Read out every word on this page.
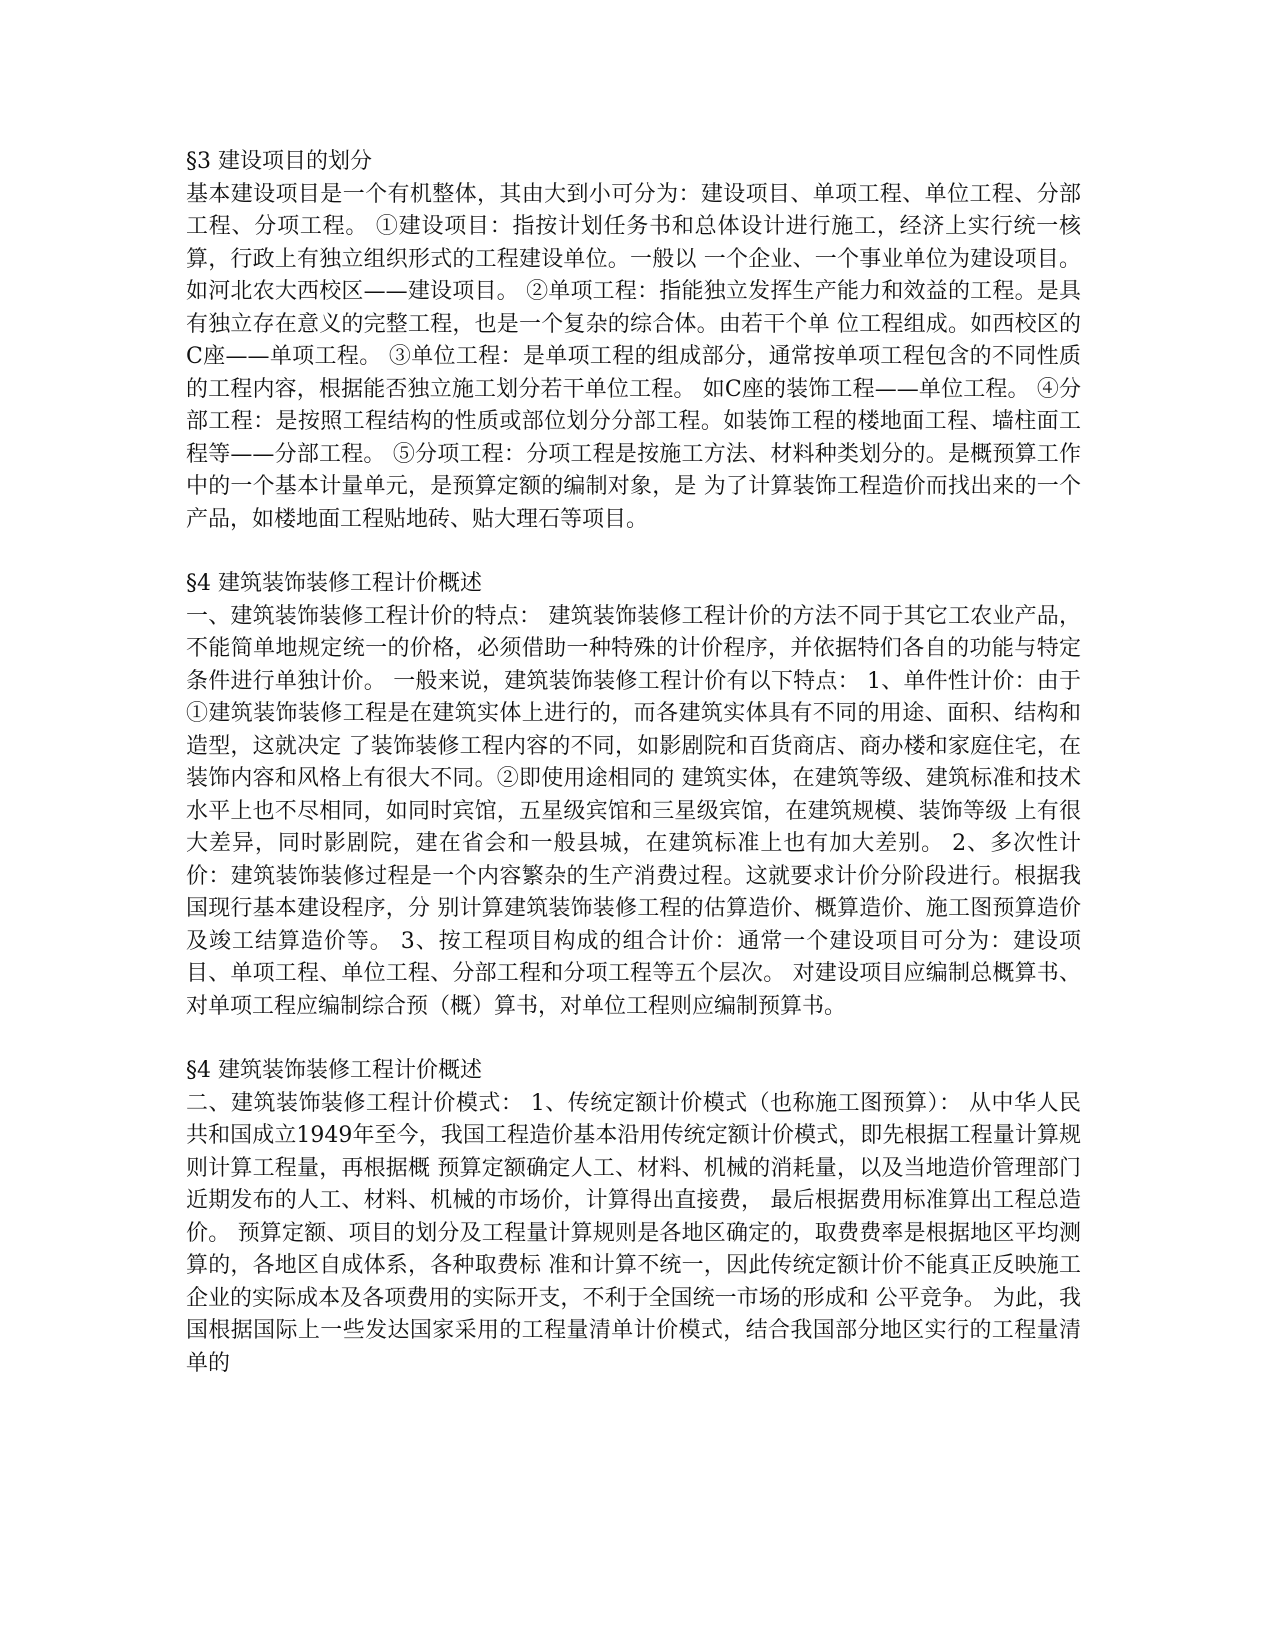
§3 建设项目的划分

基本建设项目是一个有机整体，其由大到小可分为：建设项目、单项工程、单位工程、分部工程、分项工程。 ①建设项目：指按计划任务书和总体设计进行施工，经济上实行统一核算，行政上有独立组织形式的工程建设单位。一般以 一个企业、一个事业单位为建设项目。如河北农大西校区——建设项目。 ②单项工程：指能独立发挥生产能力和效益的工程。是具有独立存在意义的完整工程，也是一个复杂的综合体。由若干个单 位工程组成。如西校区的C座——单项工程。 ③单位工程：是单项工程的组成部分，通常按单项工程包含的不同性质的工程内容，根据能否独立施工划分若干单位工程。 如C座的装饰工程——单位工程。 ④分部工程：是按照工程结构的性质或部位划分分部工程。如装饰工程的楼地面工程、墙柱面工程等——分部工程。 ⑤分项工程：分项工程是按施工方法、材料种类划分的。是概预算工作中的一个基本计量单元，是预算定额的编制对象，是 为了计算装饰工程造价而找出来的一个产品，如楼地面工程贴地砖、贴大理石等项目。

§4 建筑装饰装修工程计价概述

一、建筑装饰装修工程计价的特点： 建筑装饰装修工程计价的方法不同于其它工农业产品，不能简单地规定统一的价格，必须借助一种特殊的计价程序，并依据特们各自的功能与特定条件进行单独计价。 一般来说，建筑装饰装修工程计价有以下特点： 1、单件性计价：由于①建筑装饰装修工程是在建筑实体上进行的，而各建筑实体具有不同的用途、面积、结构和造型，这就决定 了装饰装修工程内容的不同，如影剧院和百货商店、商办楼和家庭住宅，在装饰内容和风格上有很大不同。②即使用途相同的 建筑实体，在建筑等级、建筑标准和技术水平上也不尽相同，如同时宾馆，五星级宾馆和三星级宾馆，在建筑规模、装饰等级 上有很大差异，同时影剧院，建在省会和一般县城，在建筑标准上也有加大差别。 2、多次性计价：建筑装饰装修过程是一个内容繁杂的生产消费过程。这就要求计价分阶段进行。根据我国现行基本建设程序，分 别计算建筑装饰装修工程的估算造价、概算造价、施工图预算造价及竣工结算造价等。 3、按工程项目构成的组合计价：通常一个建设项目可分为：建设项目、单项工程、单位工程、分部工程和分项工程等五个层次。 对建设项目应编制总概算书、对单项工程应编制综合预（概）算书，对单位工程则应编制预算书。

§4 建筑装饰装修工程计价概述

二、建筑装饰装修工程计价模式： 1、传统定额计价模式（也称施工图预算）： 从中华人民共和国成立1949年至今，我国工程造价基本沿用传统定额计价模式，即先根据工程量计算规则计算工程量，再根据概 预算定额确定人工、材料、机械的消耗量，以及当地造价管理部门近期发布的人工、材料、机械的市场价，计算得出直接费， 最后根据费用标准算出工程总造价。 预算定额、项目的划分及工程量计算规则是各地区确定的，取费费率是根据地区平均测算的，各地区自成体系，各种取费标 准和计算不统一，因此传统定额计价不能真正反映施工企业的实际成本及各项费用的实际开支，不利于全国统一市场的形成和 公平竞争。 为此，我国根据国际上一些发达国家采用的工程量清单计价模式，结合我国部分地区实行的工程量清单的
